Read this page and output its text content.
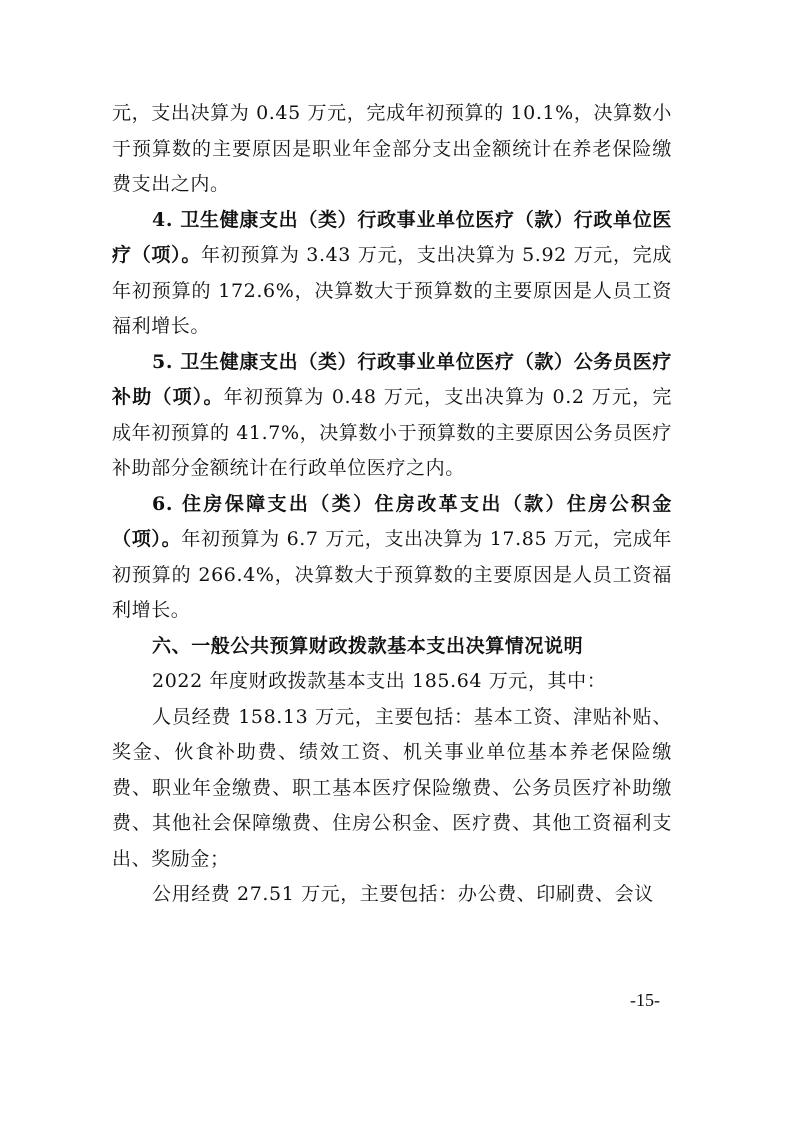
元，支出决算为 0.45 万元，完成年初预算的 10.1%，决算数小于预算数的主要原因是职业年金部分支出金额统计在养老保险缴费支出之内。

4. 卫生健康支出（类）行政事业单位医疗（款）行政单位医疗（项）。年初预算为 3.43 万元，支出决算为 5.92 万元，完成年初预算的 172.6%，决算数大于预算数的主要原因是人员工资福利增长。

5. 卫生健康支出（类）行政事业单位医疗（款）公务员医疗补助（项）。年初预算为 0.48 万元，支出决算为 0.2 万元，完成年初预算的 41.7%，决算数小于预算数的主要原因公务员医疗补助部分金额统计在行政单位医疗之内。

6. 住房保障支出（类）住房改革支出（款）住房公积金（项）。年初预算为 6.7 万元，支出决算为 17.85 万元，完成年初预算的 266.4%，决算数大于预算数的主要原因是人员工资福利增长。

六、一般公共预算财政拨款基本支出决算情况说明

2022 年度财政拨款基本支出 185.64 万元，其中：

人员经费 158.13 万元，主要包括：基本工资、津贴补贴、奖金、伙食补助费、绩效工资、机关事业单位基本养老保险缴费、职业年金缴费、职工基本医疗保险缴费、公务员医疗补助缴费、其他社会保障缴费、住房公积金、医疗费、其他工资福利支出、奖励金；

公用经费 27.51 万元，主要包括：办公费、印刷费、会议

-15-
